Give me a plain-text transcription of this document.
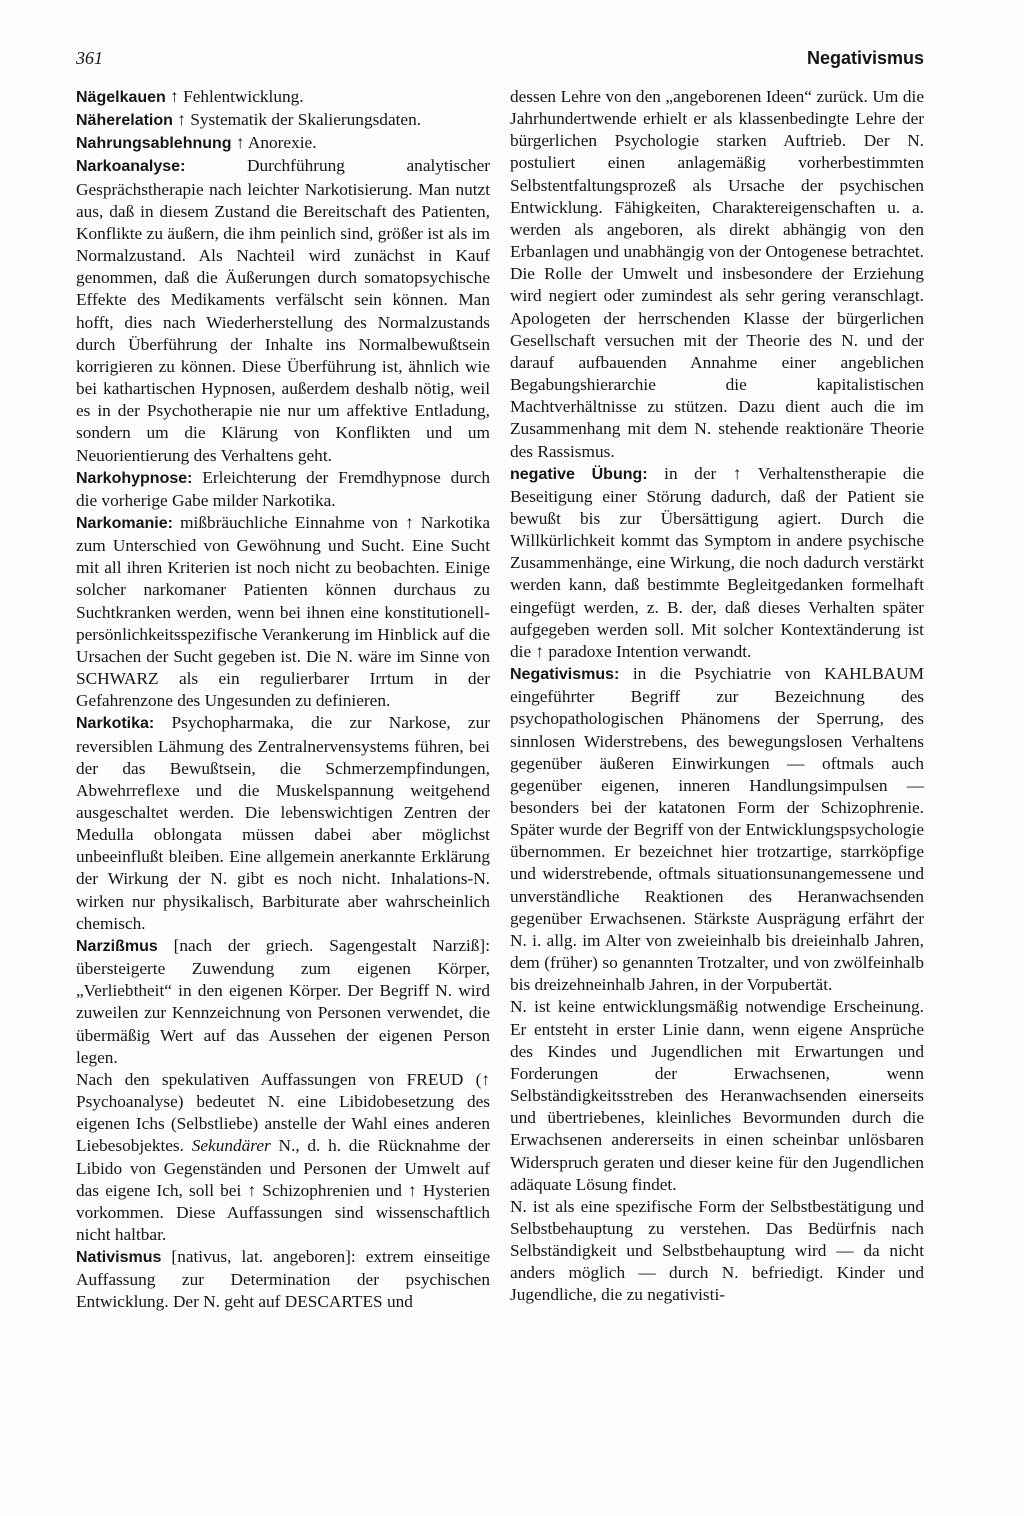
361	Negativismus

Nägelkauen ↑ Fehlentwicklung.

Näherelation ↑ Systematik der Skalierungsdaten.

Nahrungsablehnung ↑ Anorexie.

Narkoanalyse: Durchführung analytischer Gesprächstherapie nach leichter Narkotisierung. Man nutzt aus, daß in diesem Zustand die Bereitschaft des Patienten, Konflikte zu äußern, die ihm peinlich sind, größer ist als im Normalzustand. Als Nachteil wird zunächst in Kauf genommen, daß die Äußerungen durch somatopsychische Effekte des Medikaments verfälscht sein können. Man hofft, dies nach Wiederherstellung des Normalzustands durch Überführung der Inhalte ins Normalbewußtsein korrigieren zu können. Diese Überführung ist, ähnlich wie bei kathartischen Hypnosen, außerdem deshalb nötig, weil es in der Psychotherapie nie nur um affektive Entladung, sondern um die Klärung von Konflikten und um Neuorientierung des Verhaltens geht.

Narkohypnose: Erleichterung der Fremdhypnose durch die vorherige Gabe milder Narkotika.

Narkomanie: mißbräuchliche Einnahme von ↑ Narkotika zum Unterschied von Gewöhnung und Sucht. Eine Sucht mit all ihren Kriterien ist noch nicht zu beobachten. Einige solcher narkomaner Patienten können durchaus zu Suchtkranken werden, wenn bei ihnen eine konstitutionell-persönlichkeitsspezifische Verankerung im Hinblick auf die Ursachen der Sucht gegeben ist. Die N. wäre im Sinne von SCHWARZ als ein regulierbarer Irrtum in der Gefahrenzone des Ungesunden zu definieren.

Narkotika: Psychopharmaka, die zur Narkose, zur reversiblen Lähmung des Zentralnervensystems führen, bei der das Bewußtsein, die Schmerzempfindungen, Abwehrreflexe und die Muskelspannung weitgehend ausgeschaltet werden. Die lebenswichtigen Zentren der Medulla oblongata müssen dabei aber möglichst unbeeinflußt bleiben. Eine allgemein anerkannte Erklärung der Wirkung der N. gibt es noch nicht. Inhalations-N. wirken nur physikalisch, Barbiturate aber wahrscheinlich chemisch.

Narzißmus [nach der griech. Sagengestalt Narziß]: übersteigerte Zuwendung zum eigenen Körper, „Verliebtheit“ in den eigenen Körper. Der Begriff N. wird zuweilen zur Kennzeichnung von Personen verwendet, die übermäßig Wert auf das Aussehen der eigenen Person legen.

Nach den spekulativen Auffassungen von FREUD (↑ Psychoanalyse) bedeutet N. eine Libidobesetzung des eigenen Ichs (Selbstliebe) anstelle der Wahl eines anderen Liebesobjektes. Sekundärer N., d. h. die Rücknahme der Libido von Gegenständen und Personen der Umwelt auf das eigene Ich, soll bei ↑ Schizophrenien und ↑ Hysterien vorkommen. Diese Auffassungen sind wissenschaftlich nicht haltbar.

Nativismus [nativus, lat. angeboren]: extrem einseitige Auffassung zur Determination der psychischen Entwicklung. Der N. geht auf DESCARTES und

dessen Lehre von den „angeborenen Ideen“ zurück. Um die Jahrhundertwende erhielt er als klassenbedingte Lehre der bürgerlichen Psychologie starken Auftrieb. Der N. postuliert einen anlagemäßig vorherbestimmten Selbstentfaltungsprozeß als Ursache der psychischen Entwicklung. Fähigkeiten, Charaktereigenschaften u. a. werden als angeboren, als direkt abhängig von den Erbanlagen und unabhängig von der Ontogenese betrachtet. Die Rolle der Umwelt und insbesondere der Erziehung wird negiert oder zumindest als sehr gering veranschlagt. Apologeten der herrschenden Klasse der bürgerlichen Gesellschaft versuchen mit der Theorie des N. und der darauf aufbauenden Annahme einer angeblichen Begabungshierarchie die kapitalistischen Machtverhältnisse zu stützen. Dazu dient auch die im Zusammenhang mit dem N. stehende reaktionäre Theorie des Rassismus.

negative Übung: in der ↑ Verhaltenstherapie die Beseitigung einer Störung dadurch, daß der Patient sie bewußt bis zur Übersättigung agiert. Durch die Willkürlichkeit kommt das Symptom in andere psychische Zusammenhänge, eine Wirkung, die noch dadurch verstärkt werden kann, daß bestimmte Begleitgedanken formelhaft eingefügt werden, z. B. der, daß dieses Verhalten später aufgegeben werden soll. Mit solcher Kontextänderung ist die ↑ paradoxe Intention verwandt.

Negativismus: in die Psychiatrie von KAHLBAUM eingeführter Begriff zur Bezeichnung des psychopathologischen Phänomens der Sperrung, des sinnlosen Widerstrebens, des bewegungslosen Verhaltens gegenüber äußeren Einwirkungen — oftmals auch gegenüber eigenen, inneren Handlungsimpulsen — besonders bei der katatonen Form der Schizophrenie. Später wurde der Begriff von der Entwicklungspsychologie übernommen. Er bezeichnet hier trotzartige, starrköpfige und widerstrebende, oftmals situationsunangemessene und unverständliche Reaktionen des Heranwachsenden gegenüber Erwachsenen. Stärkste Ausprägung erfährt der N. i. allg. im Alter von zweieinhalb bis dreieinhalb Jahren, dem (früher) so genannten Trotzalter, und von zwölfeinhalb bis dreizehneinhalb Jahren, in der Vorpubertät.

N. ist keine entwicklungsmäßig notwendige Erscheinung. Er entsteht in erster Linie dann, wenn eigene Ansprüche des Kindes und Jugendlichen mit Erwartungen und Forderungen der Erwachsenen, wenn Selbständigkeitsstreben des Heranwachsenden einerseits und übertriebenes, kleinliches Bevormunden durch die Erwachsenen andererseits in einen scheinbar unlösbaren Widerspruch geraten und dieser keine für den Jugendlichen adäquate Lösung findet.

N. ist als eine spezifische Form der Selbstbestätigung und Selbstbehauptung zu verstehen. Das Bedürfnis nach Selbständigkeit und Selbstbehauptung wird — da nicht anders möglich — durch N. befriedigt. Kinder und Jugendliche, die zu negativisti-
